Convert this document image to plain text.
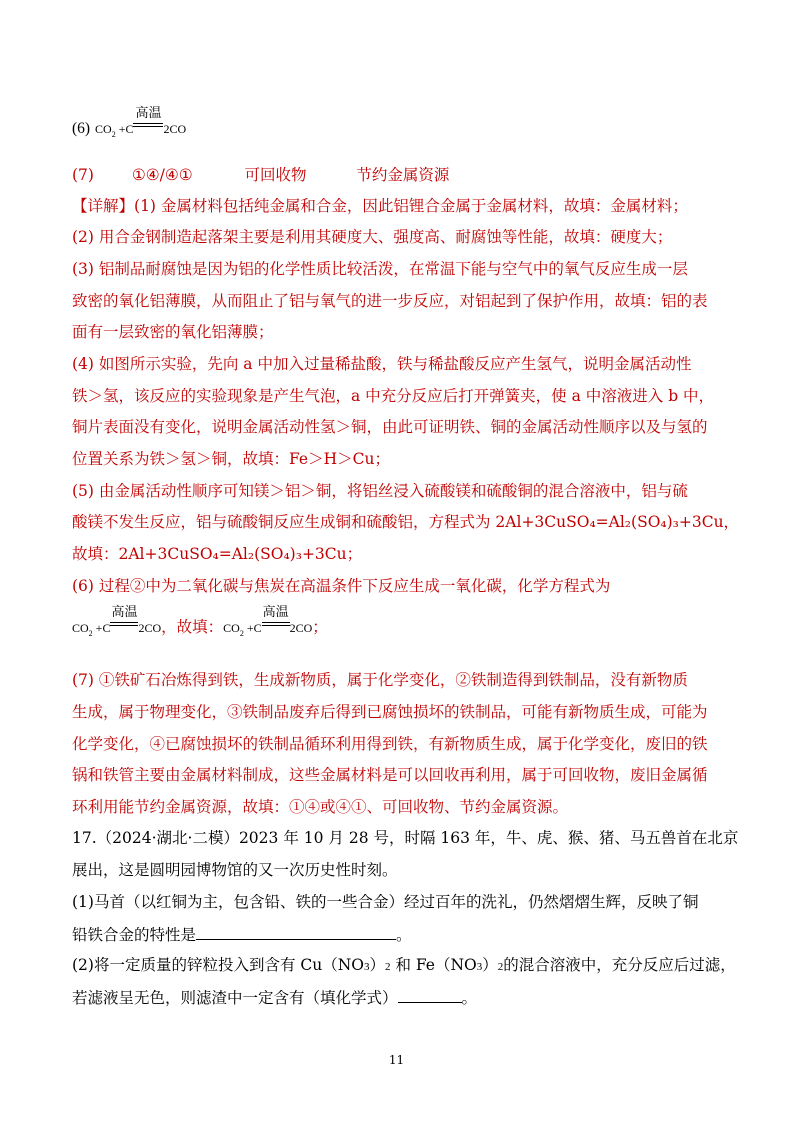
(6) $CO_2 +C$
高温
2CO
(7) ①④/④①	可回收物	节约金属资源
【详解】(1) 金属材料包括纯金属和合金，因此铝锂合金属于金属材料，故填：金属材料；
(2) 用合金钢制造起落架主要是利用其硬度大、强度高、耐腐蚀等性能，故填：硬度大；
(3) 铝制品耐腐蚀是因为铝的化学性质比较活泼，在常温下能与空气中的氧气反应生成一层
致密的氧化铝薄膜，从而阻止了铝与氧气的进一步反应，对铝起到了保护作用，故填：铝的表
面有一层致密的氧化铝薄膜；
(4) 如图所示实验，先向 a 中加入过量稀盐酸，铁与稀盐酸反应产生氢气，说明金属活动性
铁＞氢，该反应的实验现象是产生气泡，a 中充分反应后打开弹簧夹，使 a 中溶液进入 b 中，
铜片表面没有变化，说明金属活动性氢＞铜，由此可证明铁、铜的金属活动性顺序以及与氢的
位置关系为铁＞氢＞铜，故填：Fe＞H＞Cu；
(5) 由金属活动性顺序可知镁＞铝＞铜，将铝丝浸入硫酸镁和硫酸铜的混合溶液中，铝与硫
酸镁不发生反应，铝与硫酸铜反应生成铜和硫酸铝，方程式为 2Al+3CuSO₄=Al₂(SO₄)₃+3Cu，
故填：2Al+3CuSO₄=Al₂(SO₄)₃+3Cu；
(6) 过程②中为二氧化碳与焦炭在高温条件下反应生成一氧化碳，化学方程式为
$CO_2 +C$
高温
2CO，故填：$CO_2 +C$
高温
2CO；
(7) ①铁矿石冶炼得到铁，生成新物质，属于化学变化，②铁制造得到铁制品，没有新物质
生成，属于物理变化，③铁制品废弃后得到已腐蚀损坏的铁制品，可能有新物质生成，可能为
化学变化，④已腐蚀损坏的铁制品循环利用得到铁，有新物质生成，属于化学变化，废旧的铁
锅和铁管主要由金属材料制成，这些金属材料是可以回收再利用，属于可回收物，废旧金属循
环利用能节约金属资源，故填：①④或④①、可回收物、节约金属资源。
17.（2024·湖北·二模）2023 年 10 月 28 号，时隔 163 年，牛、虎、猴、猪、马五兽首在北京
展出，这是圆明园博物馆的又一次历史性时刻。
(1)马首（以红铜为主，包含铅、铁的一些合金）经过百年的洗礼，仍然熠熠生辉，反映了铜
铅铁合金的特性是	。
(2)将一定质量的锌粒投入到含有 Cu（NO3）2 和 Fe（NO3）2的混合溶液中，充分反应后过滤，
若滤液呈无色，则滤渣中一定含有（填化学式）	。
11
